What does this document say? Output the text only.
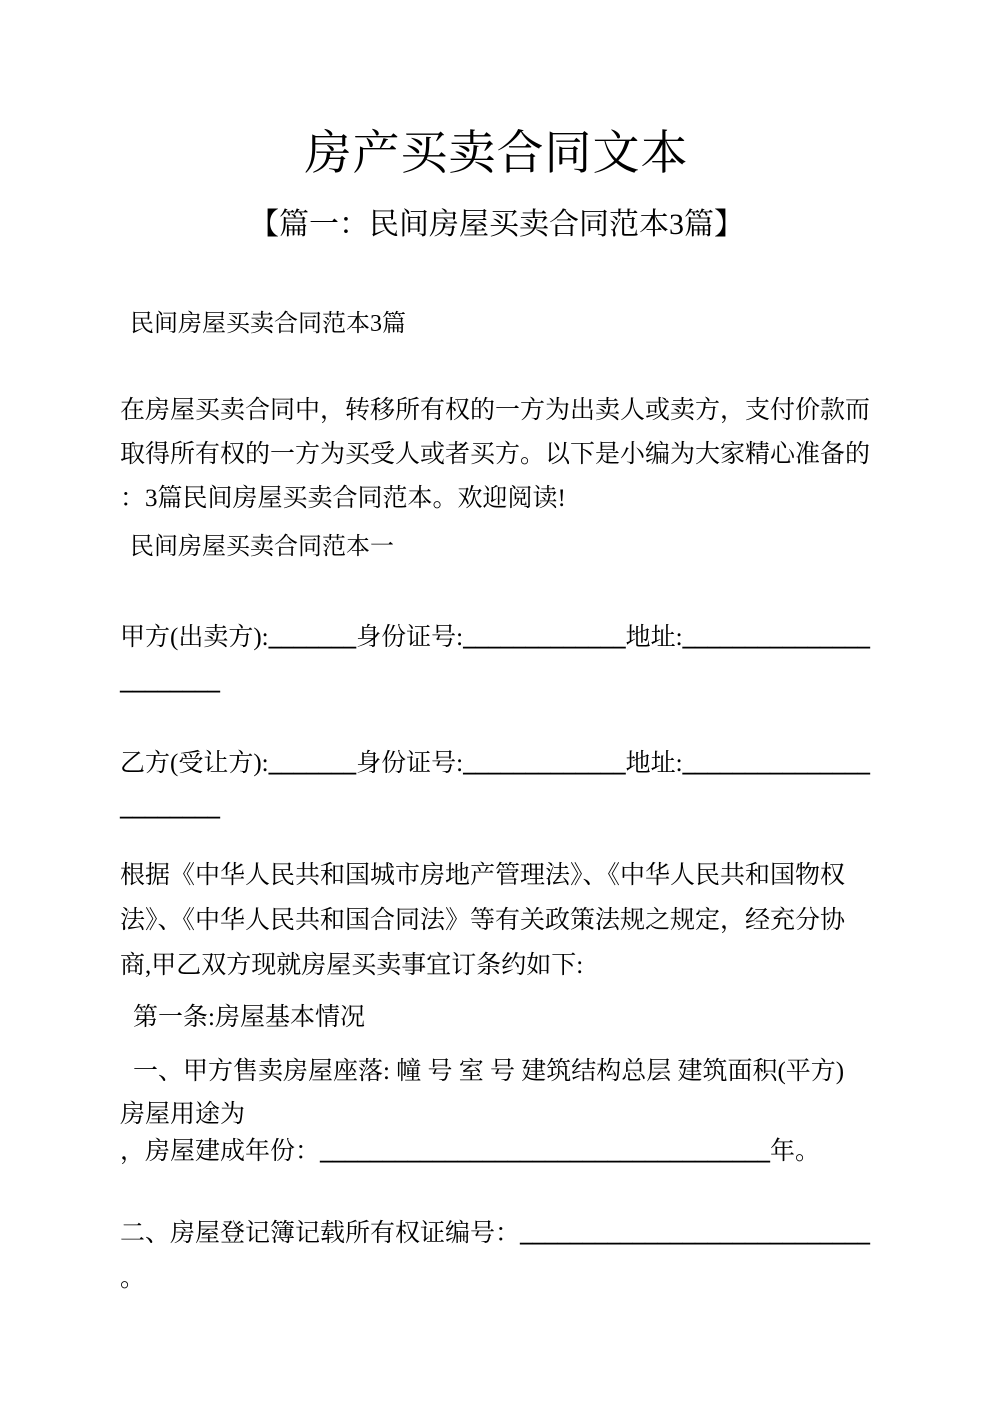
房产买卖合同文本
【篇一：民间房屋买卖合同范本3篇】
民间房屋买卖合同范本3篇
在房屋买卖合同中，转移所有权的一方为出卖人或卖方，支付价款而
取得所有权的一方为买受人或者买方。以下是小编为大家精心准备的
：3篇民间房屋买卖合同范本。欢迎阅读!
民间房屋买卖合同范本一
甲方(出卖方):_______身份证号:_____________地址:_______________
________
乙方(受让方):_______身份证号:_____________地址:_______________
________
根据《中华人民共和国城市房地产管理法》、《中华人民共和国物权
法》、《中华人民共和国合同法》等有关政策法规之规定，经充分协
商,甲乙双方现就房屋买卖事宜订条约如下:
第一条:房屋基本情况
一、甲方售卖房屋座落: 幢 号 室 号 建筑结构总层 建筑面积(平方)
房屋用途为
，房屋建成年份：____________________________________年。
二、房屋登记簿记载所有权证编号：____________________________
。
